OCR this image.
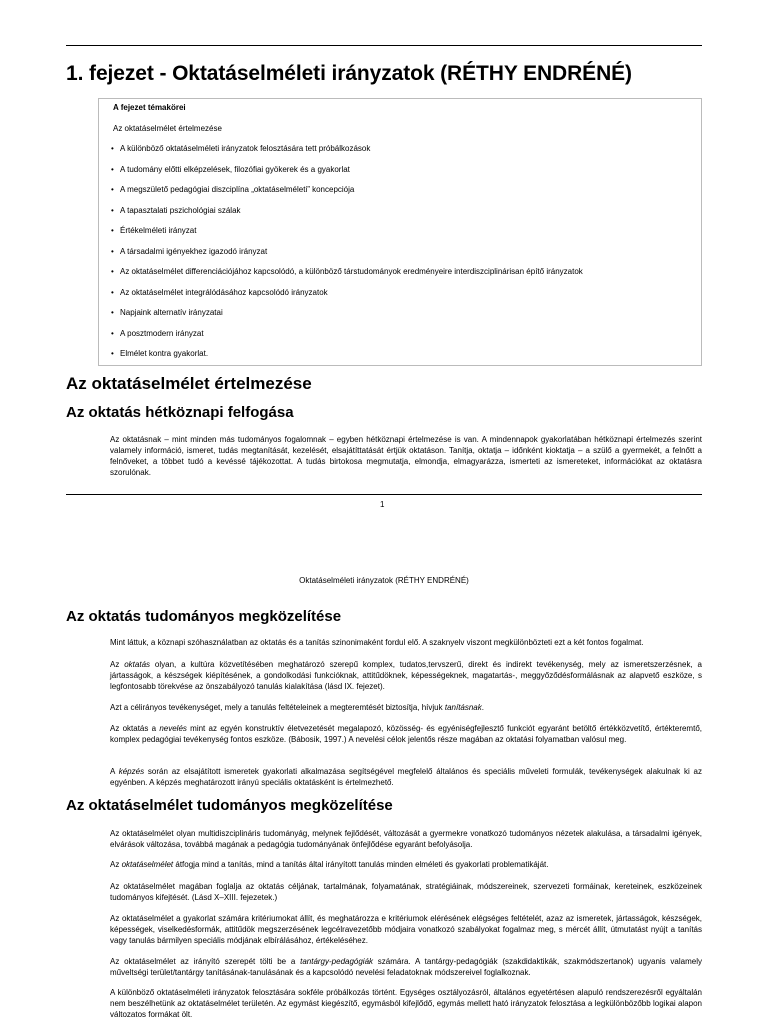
1. fejezet - Oktatáselméleti irányzatok (RÉTHY ENDRÉNÉ)
A fejezet témakörei
Az oktatáselmélet értelmezése
• A különböző oktatáselméleti irányzatok felosztására tett próbálkozások
• A tudomány előtti elképzelések, filozófiai gyökerek és a gyakorlat
• A megszülető pedagógiai diszciplína „oktatáselméleti” koncepciója
• A tapasztalati pszichológiai szálak
• Értékelméleti irányzat
• A társadalmi igényekhez igazodó irányzat
• Az oktatáselmélet differenciációjához kapcsolódó, a különböző társtudományok eredményeire interdiszciplinárisan építő irányzatok
• Az oktatáselmélet integrálódásához kapcsolódó irányzatok
• Napjaink alternatív irányzatai
• A posztmodern irányzat
• Elmélet kontra gyakorlat.
Az oktatáselmélet értelmezése
Az oktatás hétköznapi felfogása

Az oktatásnak – mint minden más tudományos fogalomnak – egyben hétköznapi értelmezése is van. A mindennapok gyakorlatában hétköznapi értelmezés szerint valamely információ, ismeret, tudás megtanítását, kezelését, elsajátíttatását értjük oktatáson. Tanítja, oktatja – időnként kioktatja – a szülő a gyermekét, a felnőtt a felnőveket, a többet tudó a kevéssé tájékozottat. A tudás birtokosa megmutatja, elmondja, elmagyarázza, ismerteti az ismereteket, információkat az oktatásra szorulónak.

1
Oktatáselméleti irányzatok (RÉTHY ENDRÉNÉ)
Az oktatás tudományos megközelítése

Mint láttuk, a köznapi szóhasználatban az oktatás és a tanítás szinonimaként fordul elő. A szaknyelv viszont megkülönbözteti ezt a két fontos fogalmat.

Az oktatás olyan, a kultúra közvetítésében meghatározó szerepű komplex, tudatos,tervszerű, direkt és indirekt tevékenység, mely az ismeretszerzésnek, a jártasságok, a készségek kiépítésének, a gondolkodási funkcióknak, attitűdöknek, képességeknek, magatartás-, meggyőződésformálásnak az alapvető eszköze, s legfontosabb törekvése az önszabályozó tanulás kialakítása (lásd IX. fejezet).

Azt a célirányos tevékenységet, mely a tanulás feltételeinek a megteremtését biztosítja, hívjuk tanításnak.

Az oktatás a nevelés mint az egyén konstruktív életvezetését megalapozó, közösség- és egyéniségfejlesztő funkciót egyaránt betöltő értékközvetítő, értékteremtő, komplex pedagógiai tevékenység fontos eszköze. (Bábosik, 1997.) A nevelési célok jelentős része magában az oktatási folyamatban valósul meg.

A képzés során az elsajátított ismeretek gyakorlati alkalmazása segítségével megfelelő általános és speciális műveleti formulák, tevékenységek alakulnak ki az egyénben. A képzés meghatározott irányú speciális oktatásként is értelmezhető.

Az oktatáselmélet tudományos megközelítése

Az oktatáselmélet olyan multidiszciplináris tudományág, melynek fejlődését, változását a gyermekre vonatkozó tudományos nézetek alakulása, a társadalmi igények, elvárások változása, továbbá magának a pedagógia tudományának önfejlődése egyaránt befolyásolja.

Az oktatáselmélet átfogja mind a tanítás, mind a tanítás által irányított tanulás minden elméleti és gyakorlati problematikáját.

Az oktatáselmélet magában foglalja az oktatás céljának, tartalmának, folyamatának, stratégiáinak, módszereinek, szervezeti formáinak, kereteinek, eszközeinek tudományos kifejtését. (Lásd X–XIII. fejezetek.)

Az oktatáselmélet a gyakorlat számára kritériumokat állít, és meghatározza e kritériumok elérésének elégséges feltételét, azaz az ismeretek, jártasságok, készségek, képességek, viselkedésformák, attitűdök megszerzésének legcélravezetőbb módjaira vonatkozó szabályokat fogalmaz meg, s mércét állít, útmutatást nyújt a tanítás vagy tanulás bármilyen speciális módjának elbírálásához, értékeléséhez.

Az oktatáselmélet az irányító szerepét tölti be a tantárgy-pedagógiák számára. A tantárgy-pedagógiák (szakdidaktikák, szakmódszertanok) ugyanis valamely műveltségi terület/tantárgy tanításának-tanulásának és a kapcsolódó nevelési feladatoknak módszereivel foglalkoznak.

A különböző oktatáselméleti irányzatok felosztására sokféle próbálkozás történt. Egységes osztályozásról, általános egyetértésen alapuló rendszerezésről egyáltalán nem beszélhetünk az oktatáselmélet területén. Az egymást kiegészítő, egymásból kifejlődő, egymás mellett ható irányzatok felosztása a legkülönbözőbb logikai alapon változatos formákat ölt.
